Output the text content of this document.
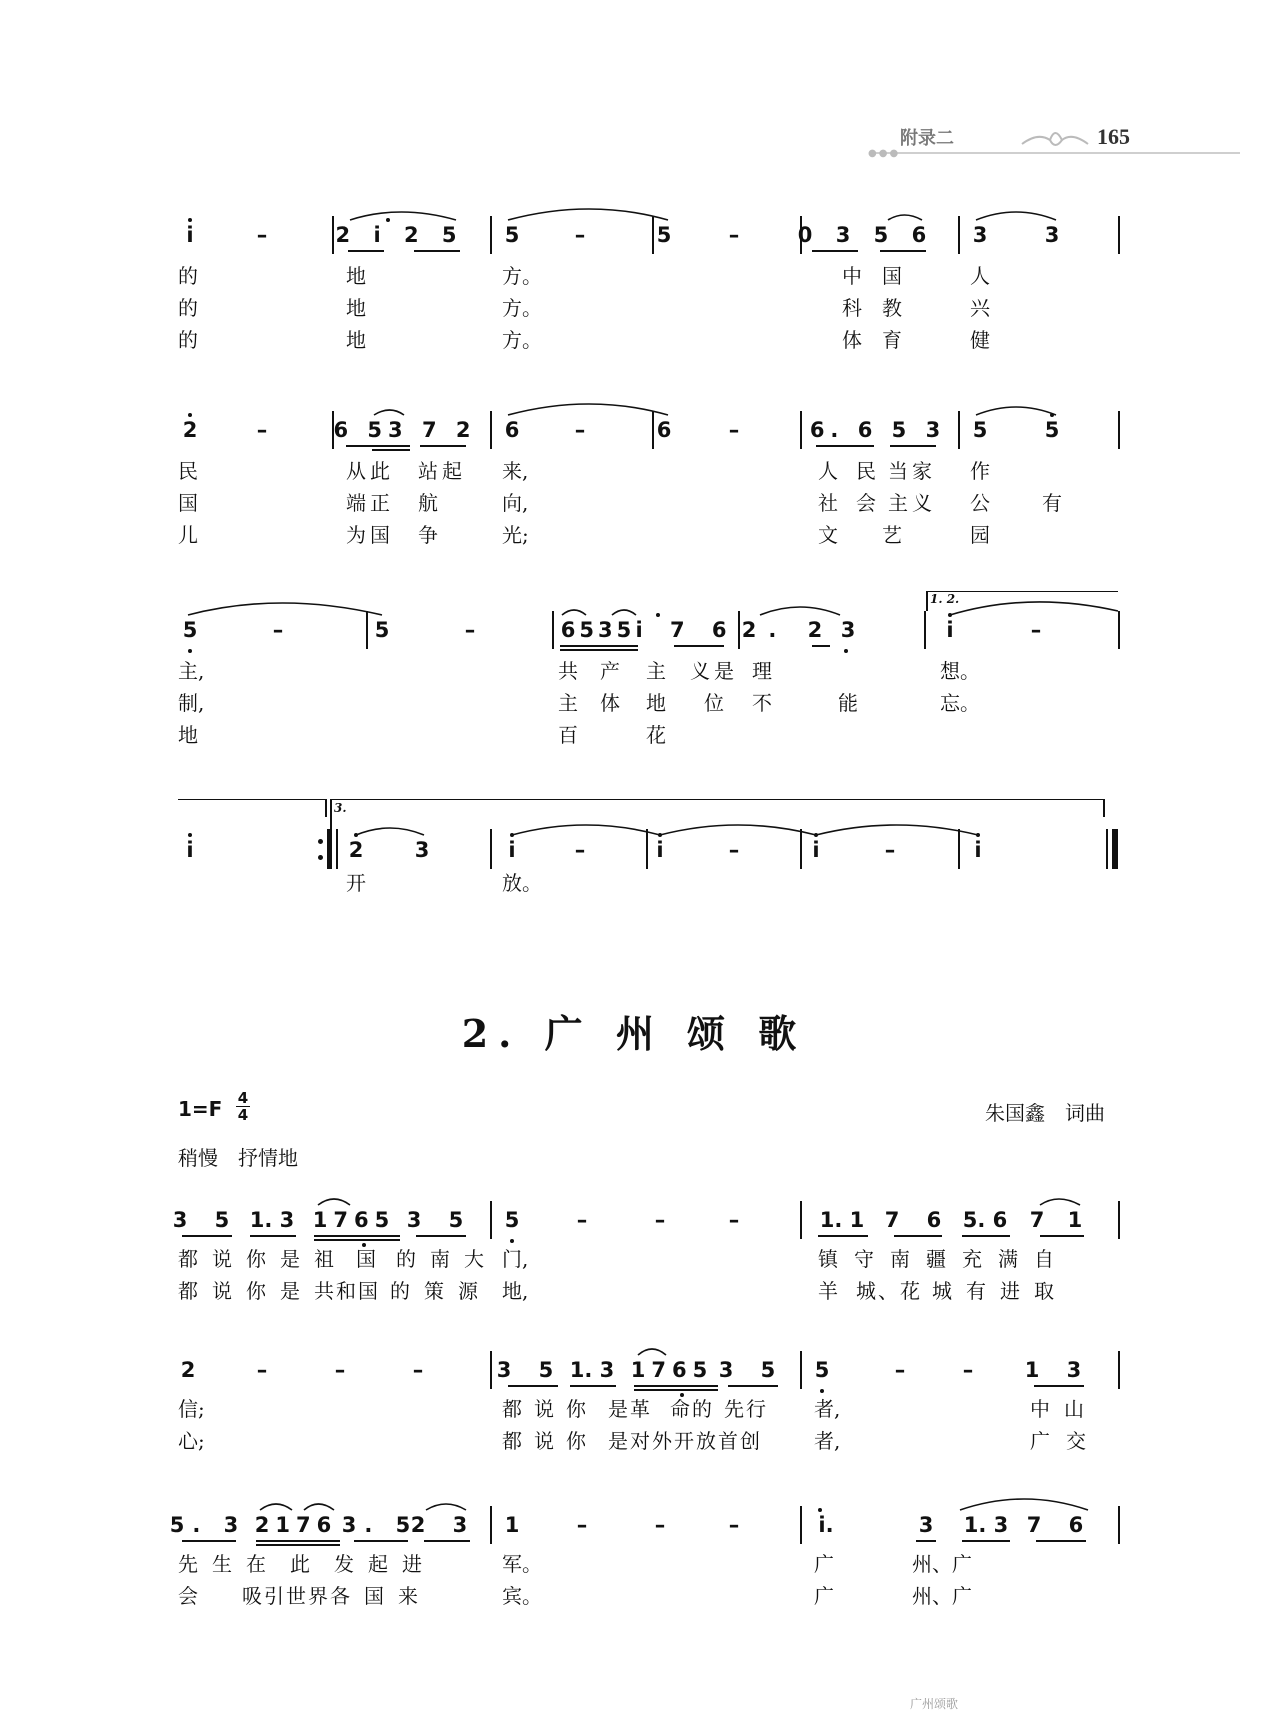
附录二	165
●●●
i	–	2 i 2 5 5	–	5	–	0 3 5 6 3	3
的	地	方。	中 国	人
的	地	方。	科 教	兴
的	地	方。	体 育	健
2	–	6 53 7 2 6	–	6	–	6. 6 5 3 5	5
民	从此 站起 来,	人 民 当家 作
国	端正 航	向,	社 会 主义 公	有
儿	为国 争	光;	文 艺	园
1. 2.
5	–	5	–	6535 i 7 6 2. 2 3	i	–
主,	共 产 主 义是 理	想。
制,	主 体 地 位 不	能	忘。
地	百	花
3.
i	2 3	i	–	i	–	i	–	i
开	放。
2. 广 州 颂 歌
1=F 4
4	朱国鑫　词曲
稍慢　抒情地
3 5 1. 3 1765 3 5 5	–	–	–	1. 1 7 6 5. 6 7 1
都说你是祖 国 的南大 门,	镇守南疆充满自
都说你是共和国 的策源 地,	羊 城、花 城有进取
2	–	–	–	3 5 1. 3 1765 3 5 5	–	– 1 3
信;	都说你 是革 命的先行 者,	中 山
心;	都说你 是对外开放首创 者,	广交
5. 3 2176 3. 5
2 3 1	–	–	–	i.	3 1. 3 7 6
先生在 此 发起进	军。	广	州、广
会 吸引世界各国来	宾。	广	州、广
广州颂歌
